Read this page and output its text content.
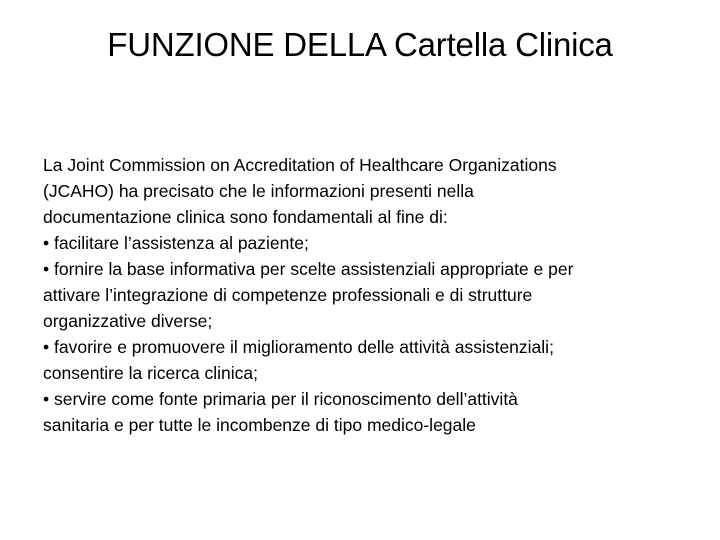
FUNZIONE DELLA Cartella Clinica
La Joint Commission on Accreditation of Healthcare Organizations
(JCAHO) ha precisato che le informazioni presenti nella
documentazione clinica sono fondamentali al fine di:
• facilitare l’assistenza al paziente;
• fornire la base informativa per scelte assistenziali appropriate e per
attivare l’integrazione di competenze professionali e di strutture
organizzative diverse;
• favorire e promuovere il miglioramento delle attività assistenziali;
consentire la ricerca clinica;
• servire come fonte primaria per il riconoscimento dell’attività
sanitaria e per tutte le incombenze di tipo medico-legale
